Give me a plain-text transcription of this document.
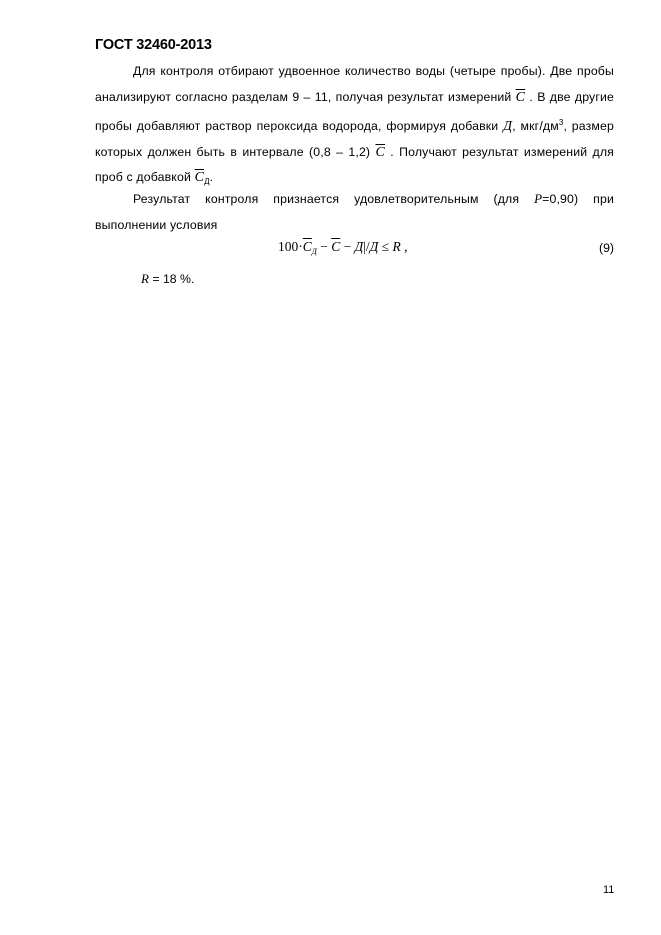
ГОСТ 32460-2013

Для контроля отбирают удвоенное количество воды (четыре пробы). Две пробы анализируют согласно разделам 9 – 11, получая результат измерений $\overline{C}$ . В две другие пробы добавляют раствор пероксида водорода, формируя добавки Д, мкг/$дм^3$, размер которых должен быть в интервале (0,8 – 1,2) $\overline{C}$ . Получают результат измерений для проб с добавкой $\overline{C}_Д$.

Результат контроля признается удовлетворительным (для P=0,90) при выполнении условия

$100\cdot\overline{C}_Д - \overline{C} - Д|/Д \le R$ ,	(9)
R = 18 %.
11
